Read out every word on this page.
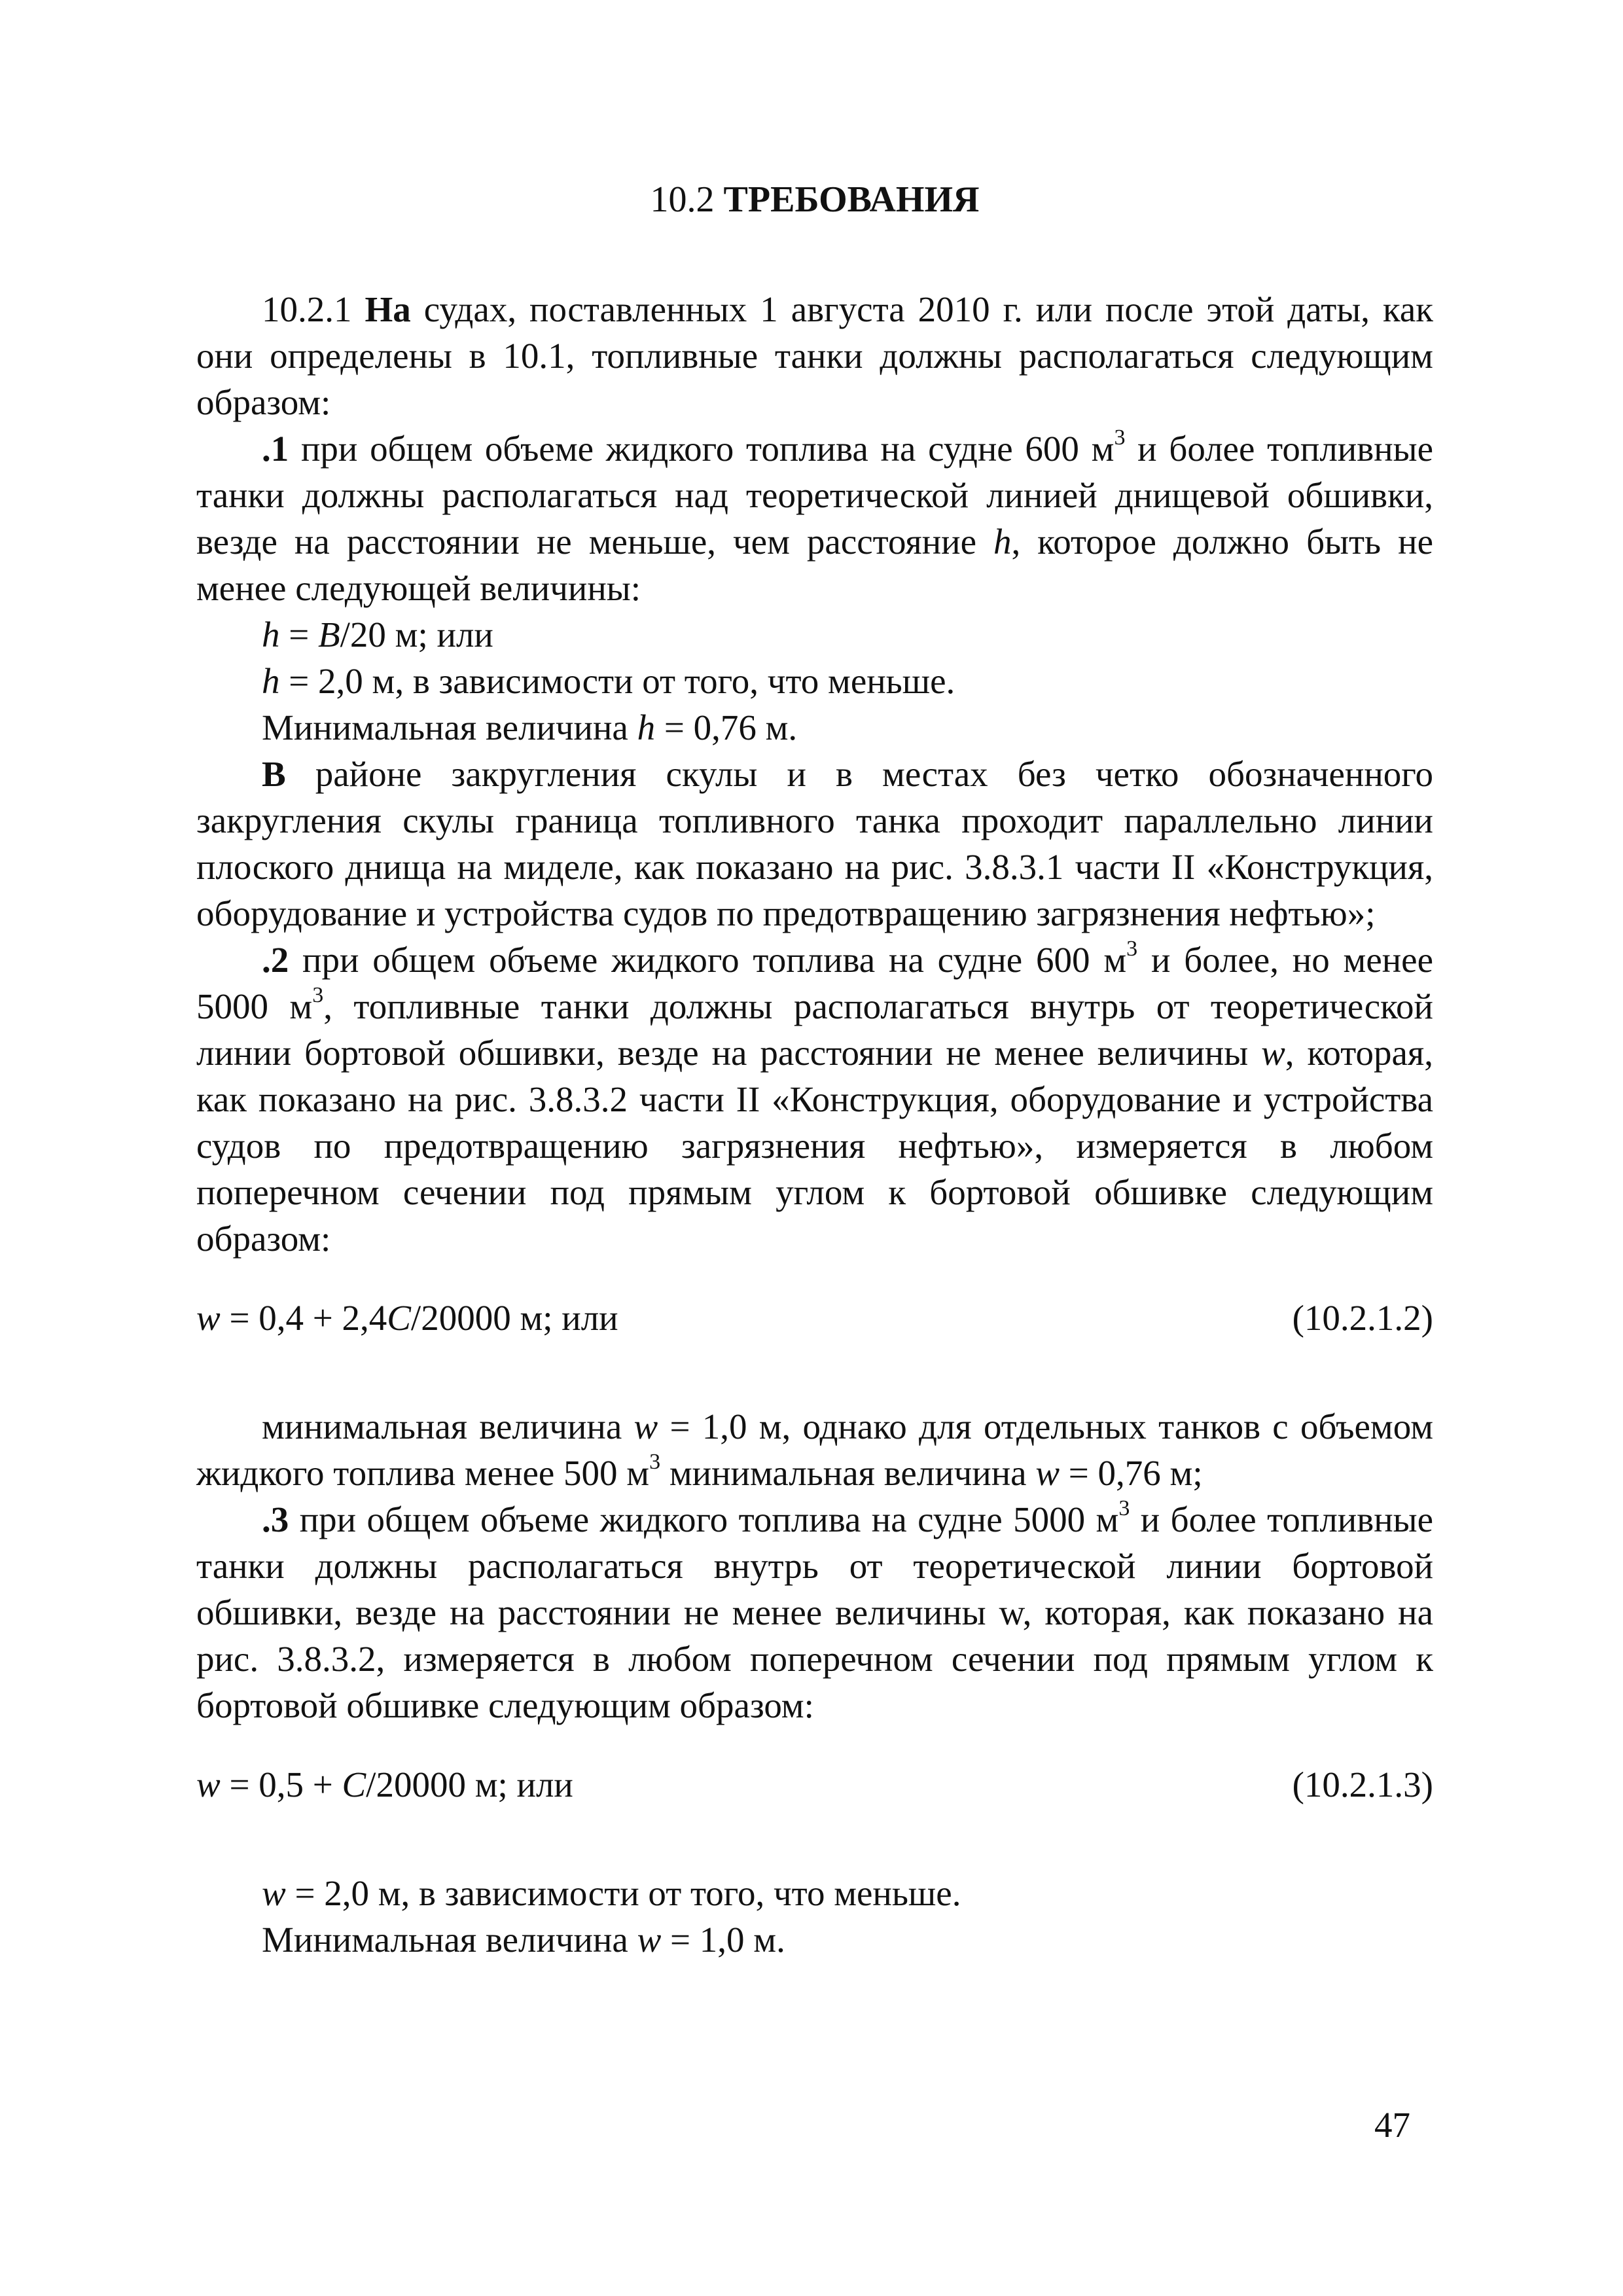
10.2 ТРЕБОВАНИЯ

10.2.1 На судах, поставленных 1 августа 2010 г. или после этой даты, как они определены в 10.1, топливные танки должны располагаться следующим образом:

.1 при общем объеме жидкого топлива на судне 600 $м^3$ и более топливные танки должны располагаться над теоретической линией днищевой обшивки, везде на расстоянии не меньше, чем расстояние h, которое должно быть не менее следующей величины:

h = B/20 м; или

h = 2,0 м, в зависимости от того, что меньше.

Минимальная величина h = 0,76 м.

В районе закругления скулы и в местах без четко обозначенного закругления скулы граница топливного танка проходит параллельно линии плоского днища на миделе, как показано на рис. 3.8.3.1 части II «Конструкция, оборудование и устройства судов по предотвращению загрязнения нефтью»;

.2 при общем объеме жидкого топлива на судне 600 $м^3$ и более, но менее 5000 $м^3$, топливные танки должны располагаться внутрь от теоретической линии бортовой обшивки, везде на расстоянии не менее величины w, которая, как показано на рис. 3.8.3.2 части II «Конструкция, оборудование и устройства судов по предотвращению загрязнения нефтью», измеряется в любом поперечном сечении под прямым углом к бортовой обшивке следующим образом:

w = 0,4 + 2,4C/20000 м; или	(10.2.1.2)

минимальная величина w = 1,0 м, однако для отдельных танков с объемом жидкого топлива менее 500 $м^3$ минимальная величина w = 0,76 м;

.3 при общем объеме жидкого топлива на судне 5000 $м^3$ и более топливные танки должны располагаться внутрь от теоретической линии бортовой обшивки, везде на расстоянии не менее величины w, которая, как показано на рис. 3.8.3.2, измеряется в любом поперечном сечении под прямым углом к бортовой обшивке следующим образом:

w = 0,5 + C/20000 м; или	(10.2.1.3)

w = 2,0 м, в зависимости от того, что меньше.

Минимальная величина w = 1,0 м.

47
